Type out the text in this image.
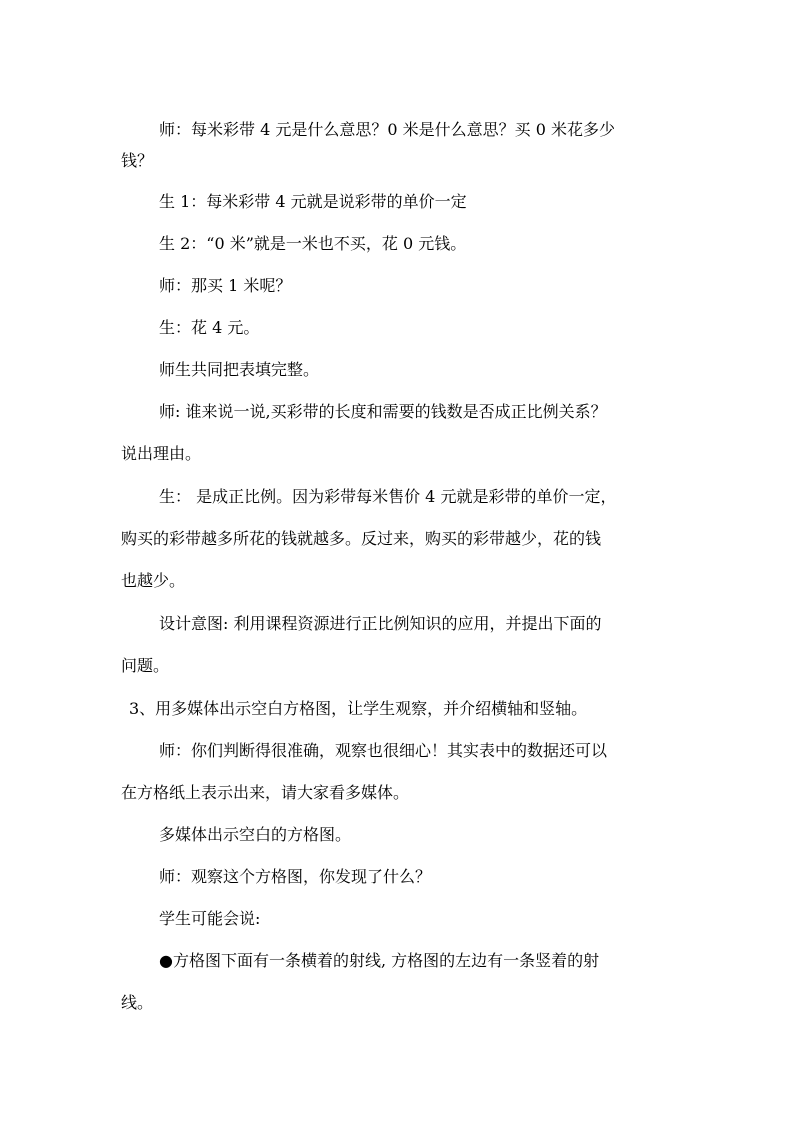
师：每米彩带 4 元是什么意思？0 米是什么意思？买 0 米花多少
钱？
生 1：每米彩带 4 元就是说彩带的单价一定
生 2：“0 米”就是一米也不买，花 0 元钱。
师：那买 1 米呢？
生：花 4 元。
师生共同把表填完整。
师: 谁来说一说,买彩带的长度和需要的钱数是否成正比例关系？
说出理由。
生： 是成正比例。因为彩带每米售价 4 元就是彩带的单价一定，
购买的彩带越多所花的钱就越多。反过来，购买的彩带越少，花的钱
也越少。
设计意图: 利用课程资源进行正比例知识的应用，并提出下面的
问题。
3、用多媒体出示空白方格图，让学生观察，并介绍横轴和竖轴。
师：你们判断得很准确，观察也很细心！其实表中的数据还可以
在方格纸上表示出来，请大家看多媒体。
多媒体出示空白的方格图。
师：观察这个方格图，你发现了什么？
学生可能会说:
●方格图下面有一条横着的射线, 方格图的左边有一条竖着的射
线。
